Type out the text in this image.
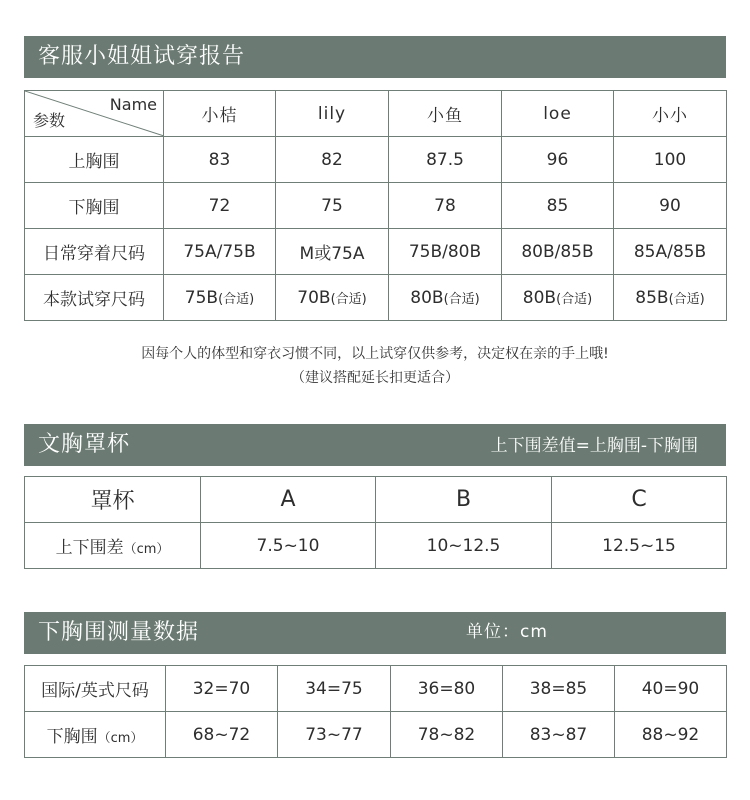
客服小姐姐试穿报告
Name
参数	小桔	lily	小鱼	loe	小小
上胸围	83	82	87.5	96	100
下胸围	72	75	78	85	90
日常穿着尺码	75A/75B	M或75A	75B/80B	80B/85B	85A/85B
本款试穿尺码	75B(合适)	70B(合适)	80B(合适)	80B(合适)	85B(合适)
因每个人的体型和穿衣习惯不同，以上试穿仅供参考，决定权在亲的手上哦!
（建议搭配延长扣更适合）
文胸罩杯	上下围差值=上胸围-下胸围
罩杯	A	B	C
上下围差（cm）	7.5~10	10~12.5	12.5~15
下胸围测量数据	单位：cm
国际/英式尺码	32=70	34=75	36=80	38=85	40=90
下胸围（cm）	68~72	73~77	78~82	83~87	88~92
